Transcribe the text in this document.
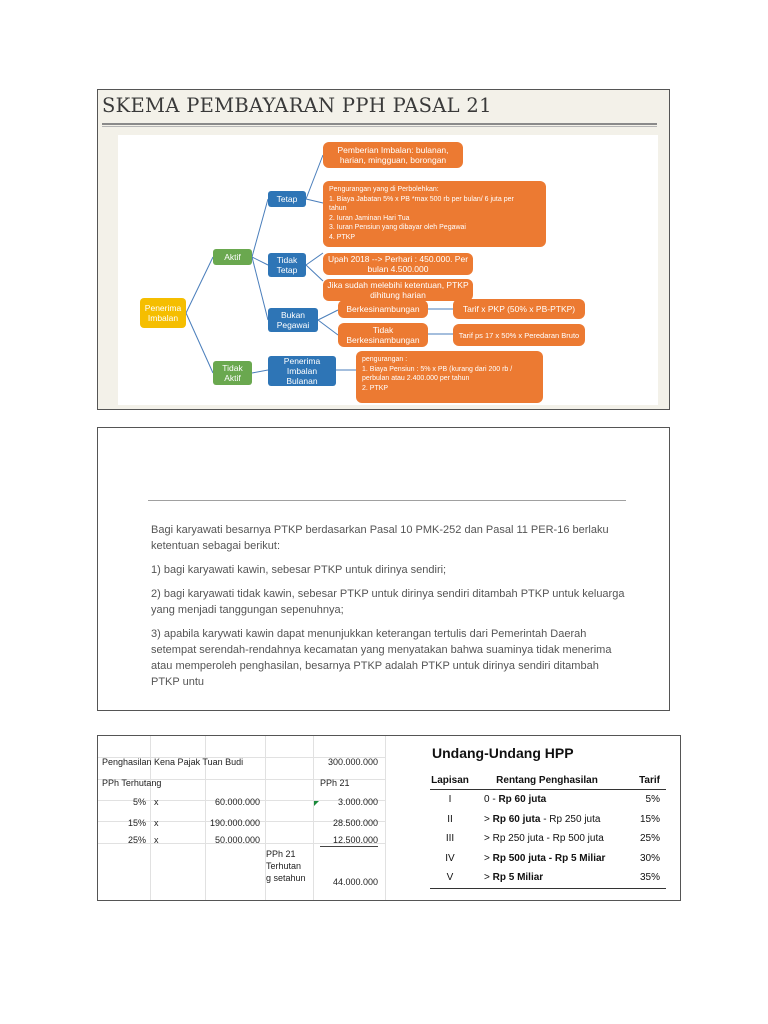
SKEMA PEMBAYARAN PPH PASAL 21
Penerima Imbalan
Aktif
Tidak Aktif
Tetap
Tidak Tetap
Bukan Pegawai
Penerima Imbalan Bulanan
Pemberian Imbalan: bulanan, harian, mingguan, borongan
Pengurangan yang di Perbolehkan:
1. Biaya Jabatan 5% x PB *max 500 rb per bulan/ 6 juta per
tahun
2. Iuran Jaminan Hari Tua
3. Iuran Pensiun yang dibayar oleh Pegawai
4. PTKP
Upah 2018 --> Perhari : 450.000. Per bulan 4.500.000
Jika sudah melebihi ketentuan, PTKP dihitung harian
Berkesinambungan
Tidak Berkesinambungan
Tarif x PKP (50% x PB-PTKP)
Tarif ps 17 x 50% x Peredaran Bruto
pengurangan :
1. Biaya Pensiun : 5% x PB (kurang dari 200 rb /
perbulan atau 2.400.000 per tahun
2. PTKP

Bagi karyawati besarnya PTKP berdasarkan Pasal 10 PMK-252 dan Pasal 11 PER-16 berlaku ketentuan sebagai berikut:

1) bagi karyawati kawin, sebesar PTKP untuk dirinya sendiri;

2) bagi karyawati tidak kawin, sebesar PTKP untuk dirinya sendiri ditambah PTKP untuk keluarga yang menjadi tanggungan sepenuhnya;

3) apabila karywati kawin dapat menunjukkan keterangan tertulis dari Pemerintah Daerah setempat serendah-rendahnya kecamatan yang menyatakan bahwa suaminya tidak menerima atau memperoleh penghasilan, besarnya PTKP adalah PTKP untuk dirinya sendiri ditambah PTKP untu

Penghasilan Kena Pajak Tuan Budi	300.000.000
PPh Terhutang	PPh 21
5% x	60.000.000	3.000.000
15% x	190.000.000	28.500.000
25% x	50.000.000	12.500.000
PPh 21
Terhutan
g setahun	44.000.000
Undang-Undang HPP
Lapisan	Rentang Penghasilan	Tarif
I	0 - Rp 60 juta	5%
II	> Rp 60 juta - Rp 250 juta	15%
III	> Rp 250 juta - Rp 500 juta	25%
IV	> Rp 500 juta - Rp 5 Miliar	30%
V	> Rp 5 Miliar	35%
